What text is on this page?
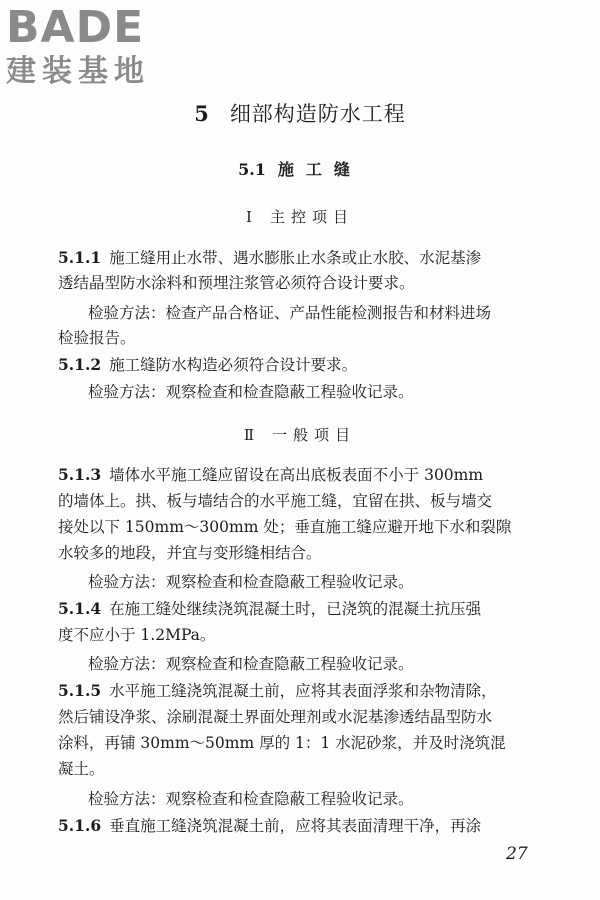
BADE
建装基地
5 细部构造防水工程
5.1 施工缝
Ⅰ 主控项目
5.1.1 施工缝用止水带、遇水膨胀止水条或止水胶、水泥基渗
透结晶型防水涂料和预埋注浆管必须符合设计要求。
检验方法：检查产品合格证、产品性能检测报告和材料进场
检验报告。
5.1.2 施工缝防水构造必须符合设计要求。
检验方法：观察检查和检查隐蔽工程验收记录。
Ⅱ 一般项目
5.1.3 墙体水平施工缝应留设在高出底板表面不小于 300mm
的墙体上。拱、板与墙结合的水平施工缝，宜留在拱、板与墙交
接处以下 150mm～300mm 处；垂直施工缝应避开地下水和裂隙
水较多的地段，并宜与变形缝相结合。
检验方法：观察检查和检查隐蔽工程验收记录。
5.1.4 在施工缝处继续浇筑混凝土时，已浇筑的混凝土抗压强
度不应小于 1.2MPa。
检验方法：观察检查和检查隐蔽工程验收记录。
5.1.5 水平施工缝浇筑混凝土前，应将其表面浮浆和杂物清除，
然后铺设净浆、涂刷混凝土界面处理剂或水泥基渗透结晶型防水
涂料，再铺 30mm～50mm 厚的 1：1 水泥砂浆，并及时浇筑混
凝土。
检验方法：观察检查和检查隐蔽工程验收记录。
5.1.6 垂直施工缝浇筑混凝土前，应将其表面清理干净，再涂
27
